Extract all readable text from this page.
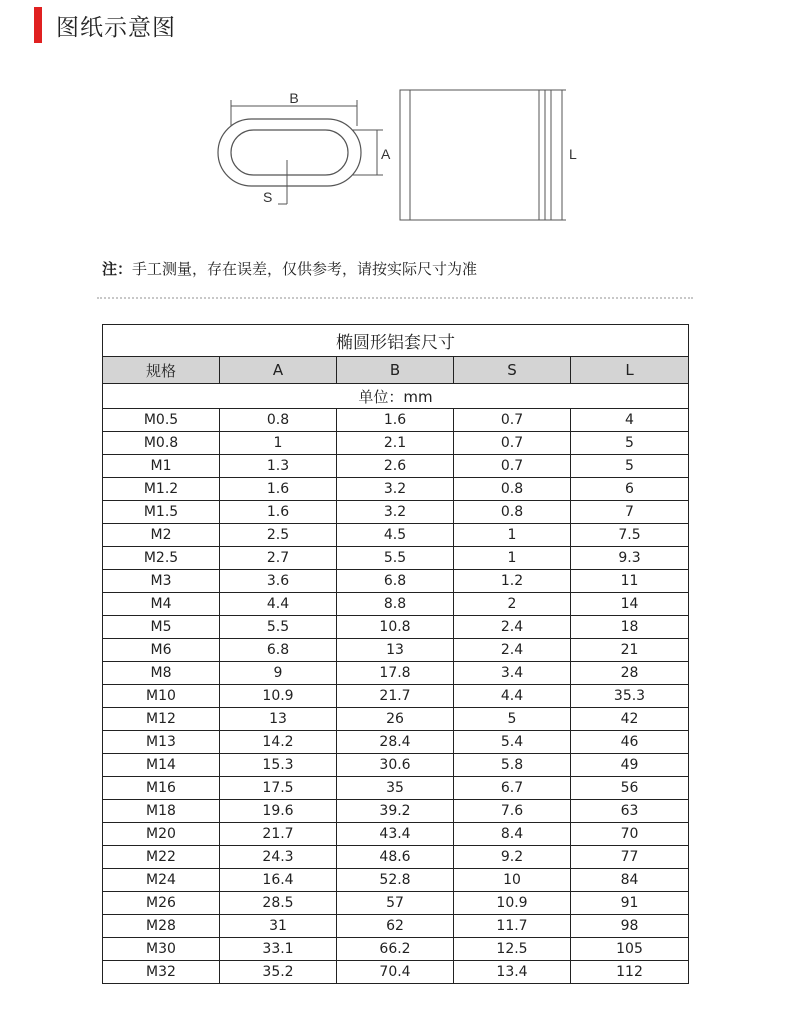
图纸示意图
B
A
S
L
注：手工测量，存在误差，仅供参考，请按实际尺寸为准
椭圆形铝套尺寸				
规格	A	B	S	L
单位：mm				
M0.5	0.8	1.6	0.7	4
M0.8	1	2.1	0.7	5
M1	1.3	2.6	0.7	5
M1.2	1.6	3.2	0.8	6
M1.5	1.6	3.2	0.8	7
M2	2.5	4.5	1	7.5
M2.5	2.7	5.5	1	9.3
M3	3.6	6.8	1.2	11
M4	4.4	8.8	2	14
M5	5.5	10.8	2.4	18
M6	6.8	13	2.4	21
M8	9	17.8	3.4	28
M10	10.9	21.7	4.4	35.3
M12	13	26	5	42
M13	14.2	28.4	5.4	46
M14	15.3	30.6	5.8	49
M16	17.5	35	6.7	56
M18	19.6	39.2	7.6	63
M20	21.7	43.4	8.4	70
M22	24.3	48.6	9.2	77
M24	16.4	52.8	10	84
M26	28.5	57	10.9	91
M28	31	62	11.7	98
M30	33.1	66.2	12.5	105
M32	35.2	70.4	13.4	112
